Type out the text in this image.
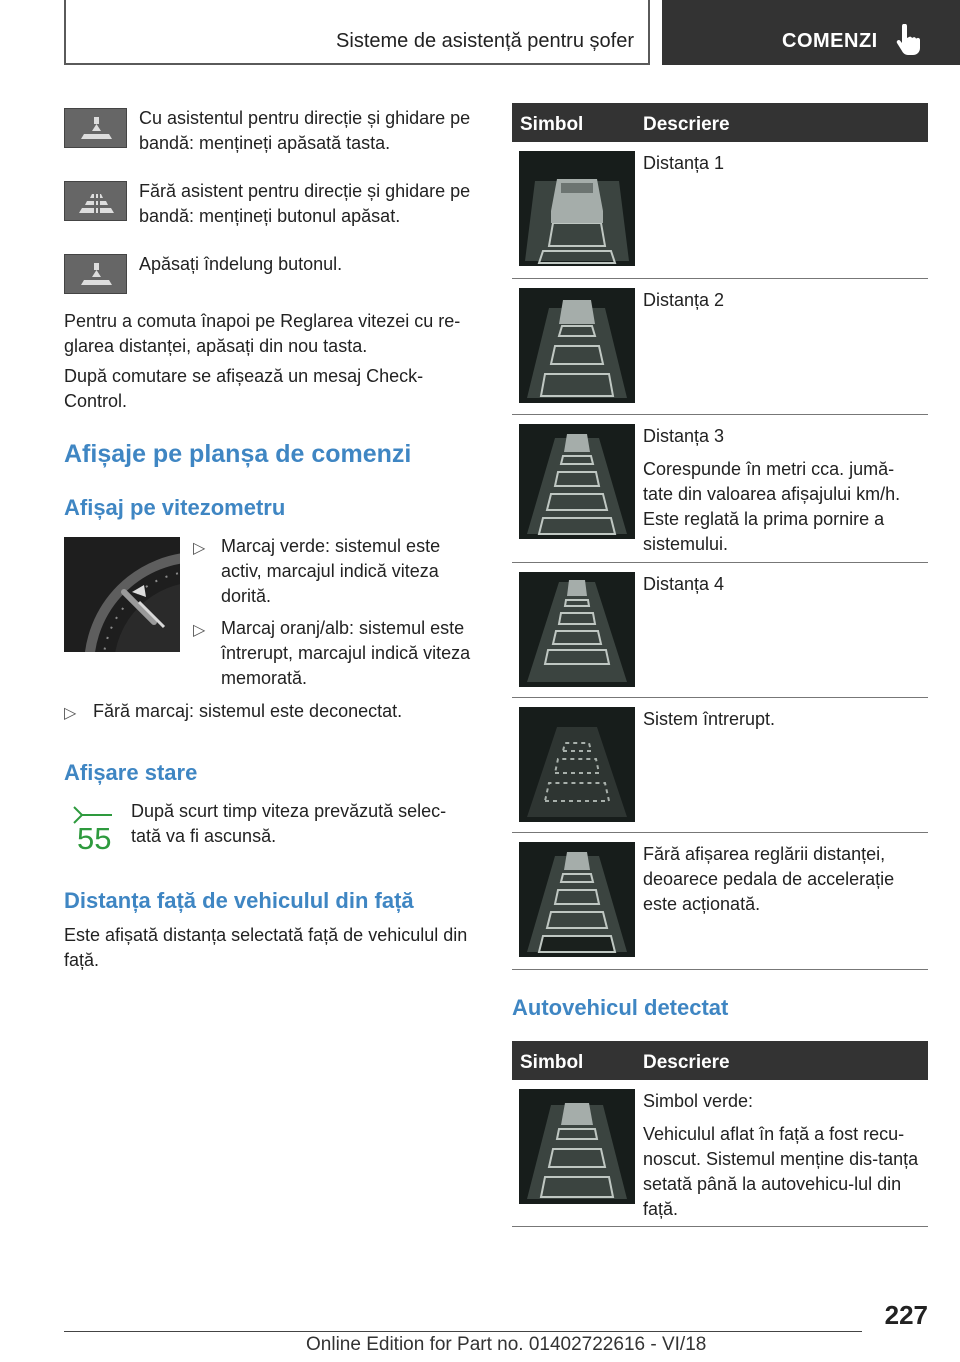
Sisteme de asistență pentru șofer	COMENZI
Cu asistentul pentru direcție și ghidare pe bandă: mențineți apăsată tasta.
Fără asistent pentru direcție și ghidare pe bandă: mențineți butonul apăsat.
Apăsați îndelung butonul.
Pentru a comuta înapoi pe Reglarea vitezei cu re-glarea distanței, apăsați din nou tasta.
După comutare se afișează un mesaj Check-Control.
Afișaje pe planșa de comenzi
Afișaj pe vitezometru
▷ Marcaj verde: sistemul este activ, marcajul indică viteza dorită.
▷ Marcaj oranj/alb: sistemul este întrerupt, marcajul indică viteza memorată.
▷ Fără marcaj: sistemul este deconectat.
Afișare stare
55
După scurt timp viteza prevăzută selec-tată va fi ascunsă.
Distanța față de vehiculul din față
Este afișată distanța selectată față de vehiculul din față.
Simbol	Descriere

Distanța 1

Distanța 2

Distanța 3

Corespunde în metri cca. jumă-tate din valoarea afișajului km/h. Este reglată la prima pornire a sistemului.

Distanța 4

Sistem întrerupt.

Fără afișarea reglării distanței, deoarece pedala de accelerație este acționată.

Autovehicul detectat
Simbol	Descriere

Simbol verde:

Vehiculul aflat în față a fost recu-noscut. Sistemul menține dis-tanța setată până la autovehicu-lul din față.

227
Online Edition for Part no. 01402722616 - VI/18
